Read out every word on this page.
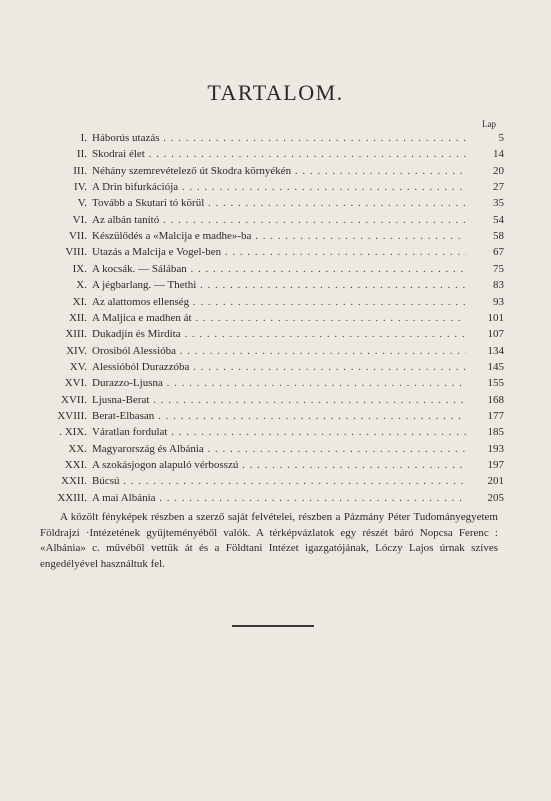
TARTALOM.
Lap
I. Háborús utazás . . .	5
II. Skodrai élet . . .	14
III. Néhány szemrevételező út Skodra környékén . . .	20
IV. A Drin bifurkációja . . .	27
V. Tovább a Skutari tó körül . . .	35
VI. Az albán tanító . . .	54
VII. Készülődés a «Malcija e madhe»-ba . . .	58
VIII. Utazás a Malcija e Vogel-ben . . .	67
IX. A kocsák. — Sálában . . .	75
X. A jégbarlang. — Thethi . . .	83
XI. Az alattomos ellenség . . .	93
XII. A Maljica e madhen át . . .	101
XIII. Dukadjin és Mirdita . . .	107
XIV. Orosiból Alessióba . . .	134
XV. Alessióból Durazzóba . . .	145
XVI. Durazzo-Ljusna . . .	155
XVII. Ljusna-Berat . . .	168
XVIII. Berat-Elbasan . . .	177
. XIX. Váratlan fordulat . . .	185
XX. Magyarország és Albánia . . .	193
XXI. A szokásjogon alapuló vérbosszú . . .	197
XXII. Búcsú . . .	201
XXIII. A mai Albánia . . .	205
A közölt fényképek részben a szerző saját felvételei, részben a Pázmány Péter Tudományegyetem Földrajzi ·Intézetének gyüjteményéből valók. A térképvázlatok egy részét báró Nopcsa Ferenc : «Albánia» c. művéből vettük át és a Földtani Intézet igazgatójának, Lóczy Lajos úrnak szíves engedélyével használtuk fel.
